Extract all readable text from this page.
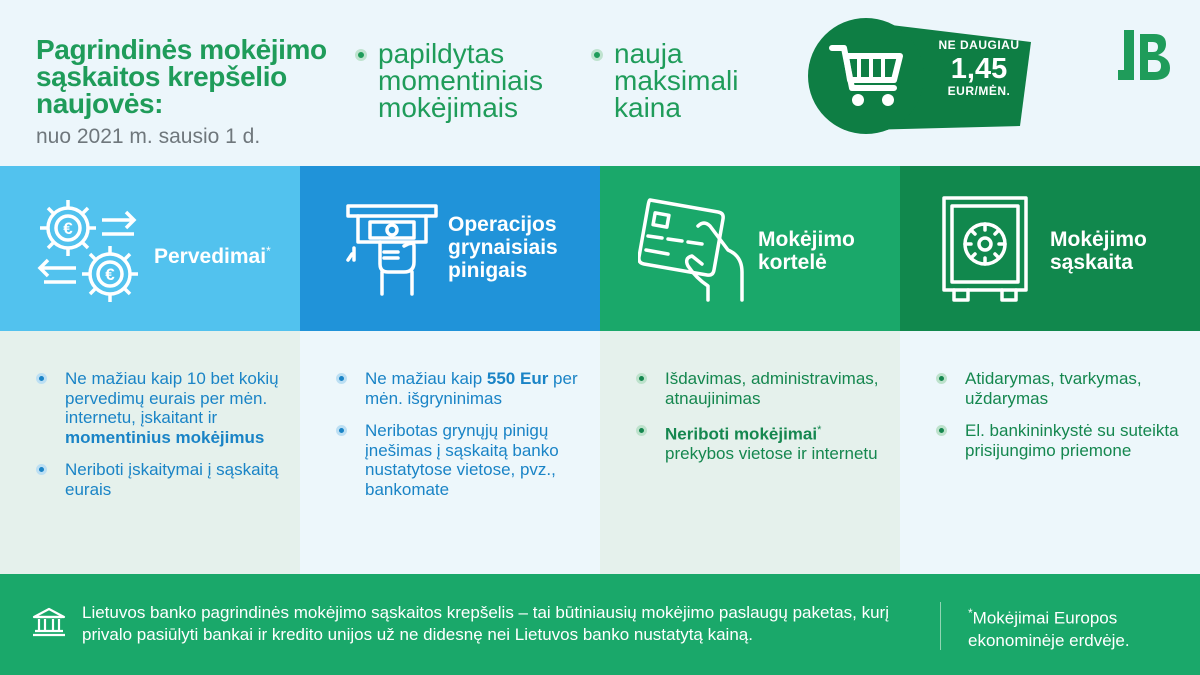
Pagrindinės mokėjimo sąskaitos krepšelio naujovės:
nuo 2021 m. sausio 1 d.
papildytas
momentiniais
mokėjimais
nauja
maksimali
kaina
NE DAUGIAU
1,45
EUR/MĖN.
€
€
Pervedimai*
Ne mažiau kaip 10 bet kokių pervedimų eurais per mėn. internetu, įskaitant ir momentinius mokėjimus
Neriboti įskaitymai į sąskaitą eurais
Operacijos
grynaisiais
pinigais
Ne mažiau kaip 550 Eur per mėn. išgryninimas
Neribotas grynųjų pinigų įnešimas į sąskaitą banko nustatytose vietose, pvz., bankomate
Mokėjimo
kortelė
Išdavimas, administravimas, atnaujinimas
Neriboti mokėjimai* prekybos vietose ir internetu
Mokėjimo
sąskaita
Atidarymas, tvarkymas, uždarymas
El. bankininkystė su suteikta prisijungimo priemone
Lietuvos banko pagrindinės mokėjimo sąskaitos krepšelis – tai būtiniausių mokėjimo paslaugų paketas, kurį privalo pasiūlyti bankai ir kredito unijos už ne didesnę nei Lietuvos banko nustatytą kainą.
*Mokėjimai Europos ekonominėje erdvėje.
